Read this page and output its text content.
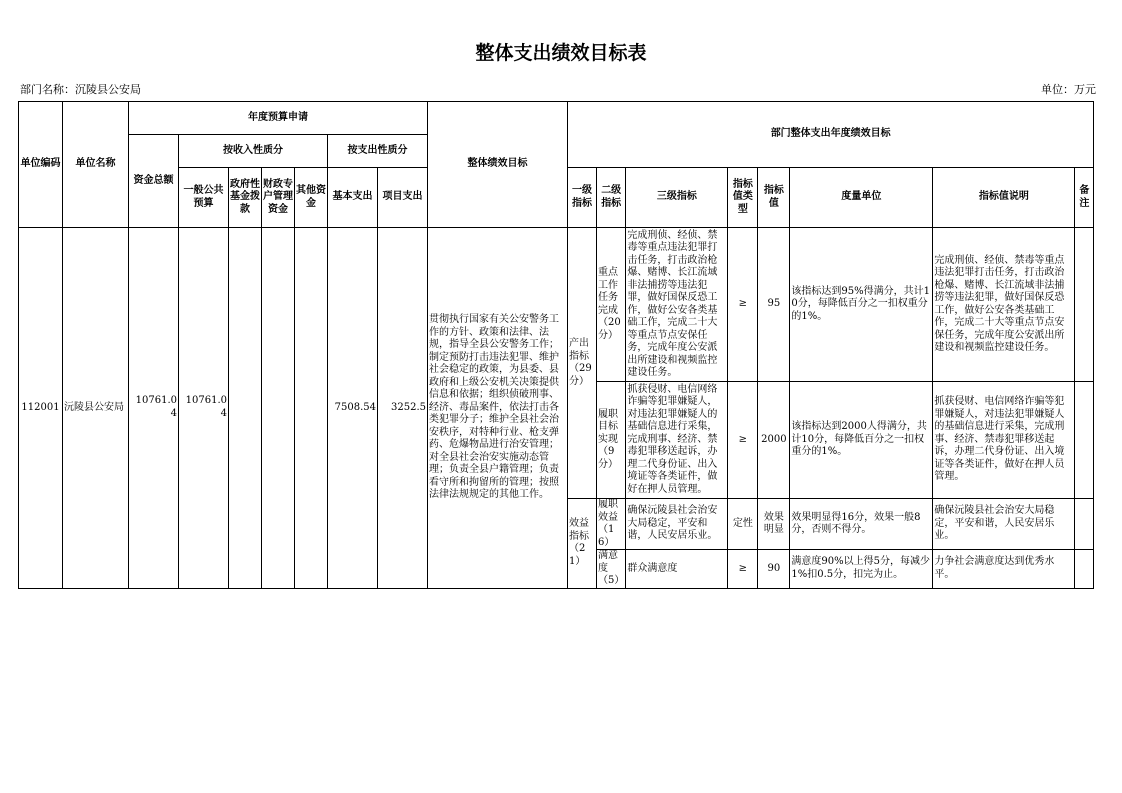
整体支出绩效目标表
部门名称：沉陵县公安局	单位：万元
单位编码	单位名称	年度预算申请							整体绩效目标	部门整体支出年度绩效目标							
		资金总额	按收入性质分				按支出性质分										
			一般公共预算	政府性基金拨款	财政专户管理资金	其他资金	基本支出	项目支出									
										一级指标	二级指标	三级指标	指标值类型	指标值	度量单位	指标值说明	备注
112001	沅陵县公安局	10761.04	10761.04				7508.54	3252.5	贯彻执行国家有关公安警务工作的方针、政策和法律、法规，指导全县公安警务工作；制定预防打击违法犯罪、维护社会稳定的政策，为县委、县政府和上级公安机关决策提供信息和依据；组织侦破刑事、经济、毒品案件，依法打击各类犯罪分子；维护全县社会治安秩序，对特种行业、枪支弹药、危爆物品进行治安管理；对全县社会治安实施动态管理；负责全县户籍管理；负责看守所和拘留所的管理；按照法律法规规定的其他工作。	产出指标（29分）	重点工作任务完成（20分）	完成刑侦、经侦、禁毒等重点违法犯罪打击任务，打击政治枪爆、赌博、长江流域非法捕捞等违法犯罪，做好国保反恐工作，做好公安各类基础工作，完成二十大等重点节点安保任务，完成年度公安派出所建设和视频监控建设任务。	≥	95	该指标达到95%得满分，共计10分，每降低百分之一扣权重分的1%。	完成刑侦、经侦、禁毒等重点违法犯罪打击任务，打击政治枪爆、赌博、长江流域非法捕捞等违法犯罪，做好国保反恐工作，做好公安各类基础工作，完成二十大等重点节点安保任务，完成年度公安派出所建设和视频监控建设任务。	
											履职目标实现（9分）	抓获侵财、电信网络诈骗等犯罪嫌疑人，对违法犯罪嫌疑人的基础信息进行采集，完成刑事、经济、禁毒犯罪移送起诉，办理二代身份证、出入境证等各类证件，做好在押人员管理。	≥	2000	该指标达到2000人得满分，共计10分，每降低百分之一扣权重分的1%。	抓获侵财、电信网络诈骗等犯罪嫌疑人，对违法犯罪嫌疑人的基础信息进行采集，完成刑事、经济、禁毒犯罪移送起诉，办理二代身份证、出入境证等各类证件，做好在押人员管理。	
										效益指标（21）	履职效益（16）	确保沅陵县社会治安大局稳定，平安和谐，人民安居乐业。	定性	效果明显	效果明显得16分，效果一般8分，否则不得分。	确保沅陵县社会治安大局稳定，平安和谐，人民安居乐业。	
											满意度（5）	群众满意度	≥	90	满意度90%以上得5分，每减少1%扣0.5分，扣完为止。	力争社会满意度达到优秀水平。	
